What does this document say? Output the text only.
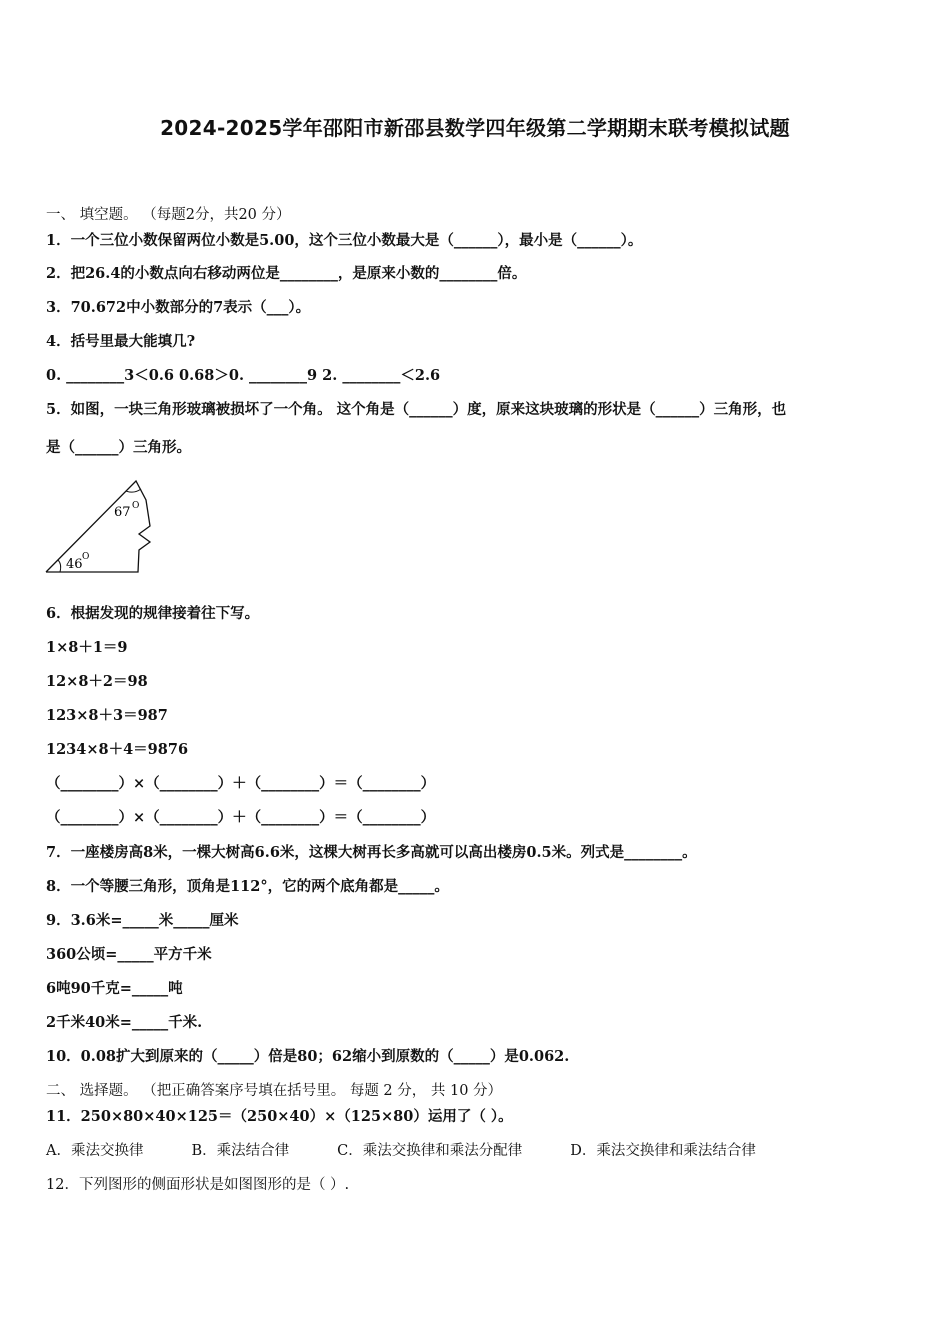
2024-2025学年邵阳市新邵县数学四年级第二学期期末联考模拟试题
一、 填空题。 （每题2分，共20 分）
1．一个三位小数保留两位小数是5.00，这个三位小数最大是（______），最小是（______）。
2．把26.4的小数点向右移动两位是________，是原来小数的________倍。
3．70.672中小数部分的7表示（___）。
4．括号里最大能填几?
0. ________3＜0.6 0.68＞0. ________9 2. ________＜2.6
5．如图，一块三角形玻璃被损坏了一个角。 这个角是（______）度，原来这块玻璃的形状是（______）三角形，也
是（______）三角形。
67 O
46 O
6．根据发现的规律接着往下写。
1×8＋1＝9
12×8＋2＝98
123×8＋3＝987
1234×8＋4＝9876
（________）×（________）＋（________）＝（________）
（________）×（________）＋（________）＝（________）
7．一座楼房高8米，一棵大树高6.6米，这棵大树再长多高就可以高出楼房0.5米。列式是________。
8．一个等腰三角形，顶角是112°，它的两个底角都是_____。
9．3.6米=_____米_____厘米
360公顷=_____平方千米
6吨90千克=_____吨
2千米40米=_____千米.
10．0.08扩大到原来的（_____）倍是80；62缩小到原数的（_____）是0.062.
二、 选择题。 （把正确答案序号填在括号里。 每题 2 分， 共 10 分）
11．250×80×40×125＝（250×40）×（125×80）运用了（ ）。
A．乘法交换律	B．乘法结合律	C．乘法交换律和乘法分配律	D．乘法交换律和乘法结合律
12．下列图形的侧面形状是如图图形的是（ ）.
